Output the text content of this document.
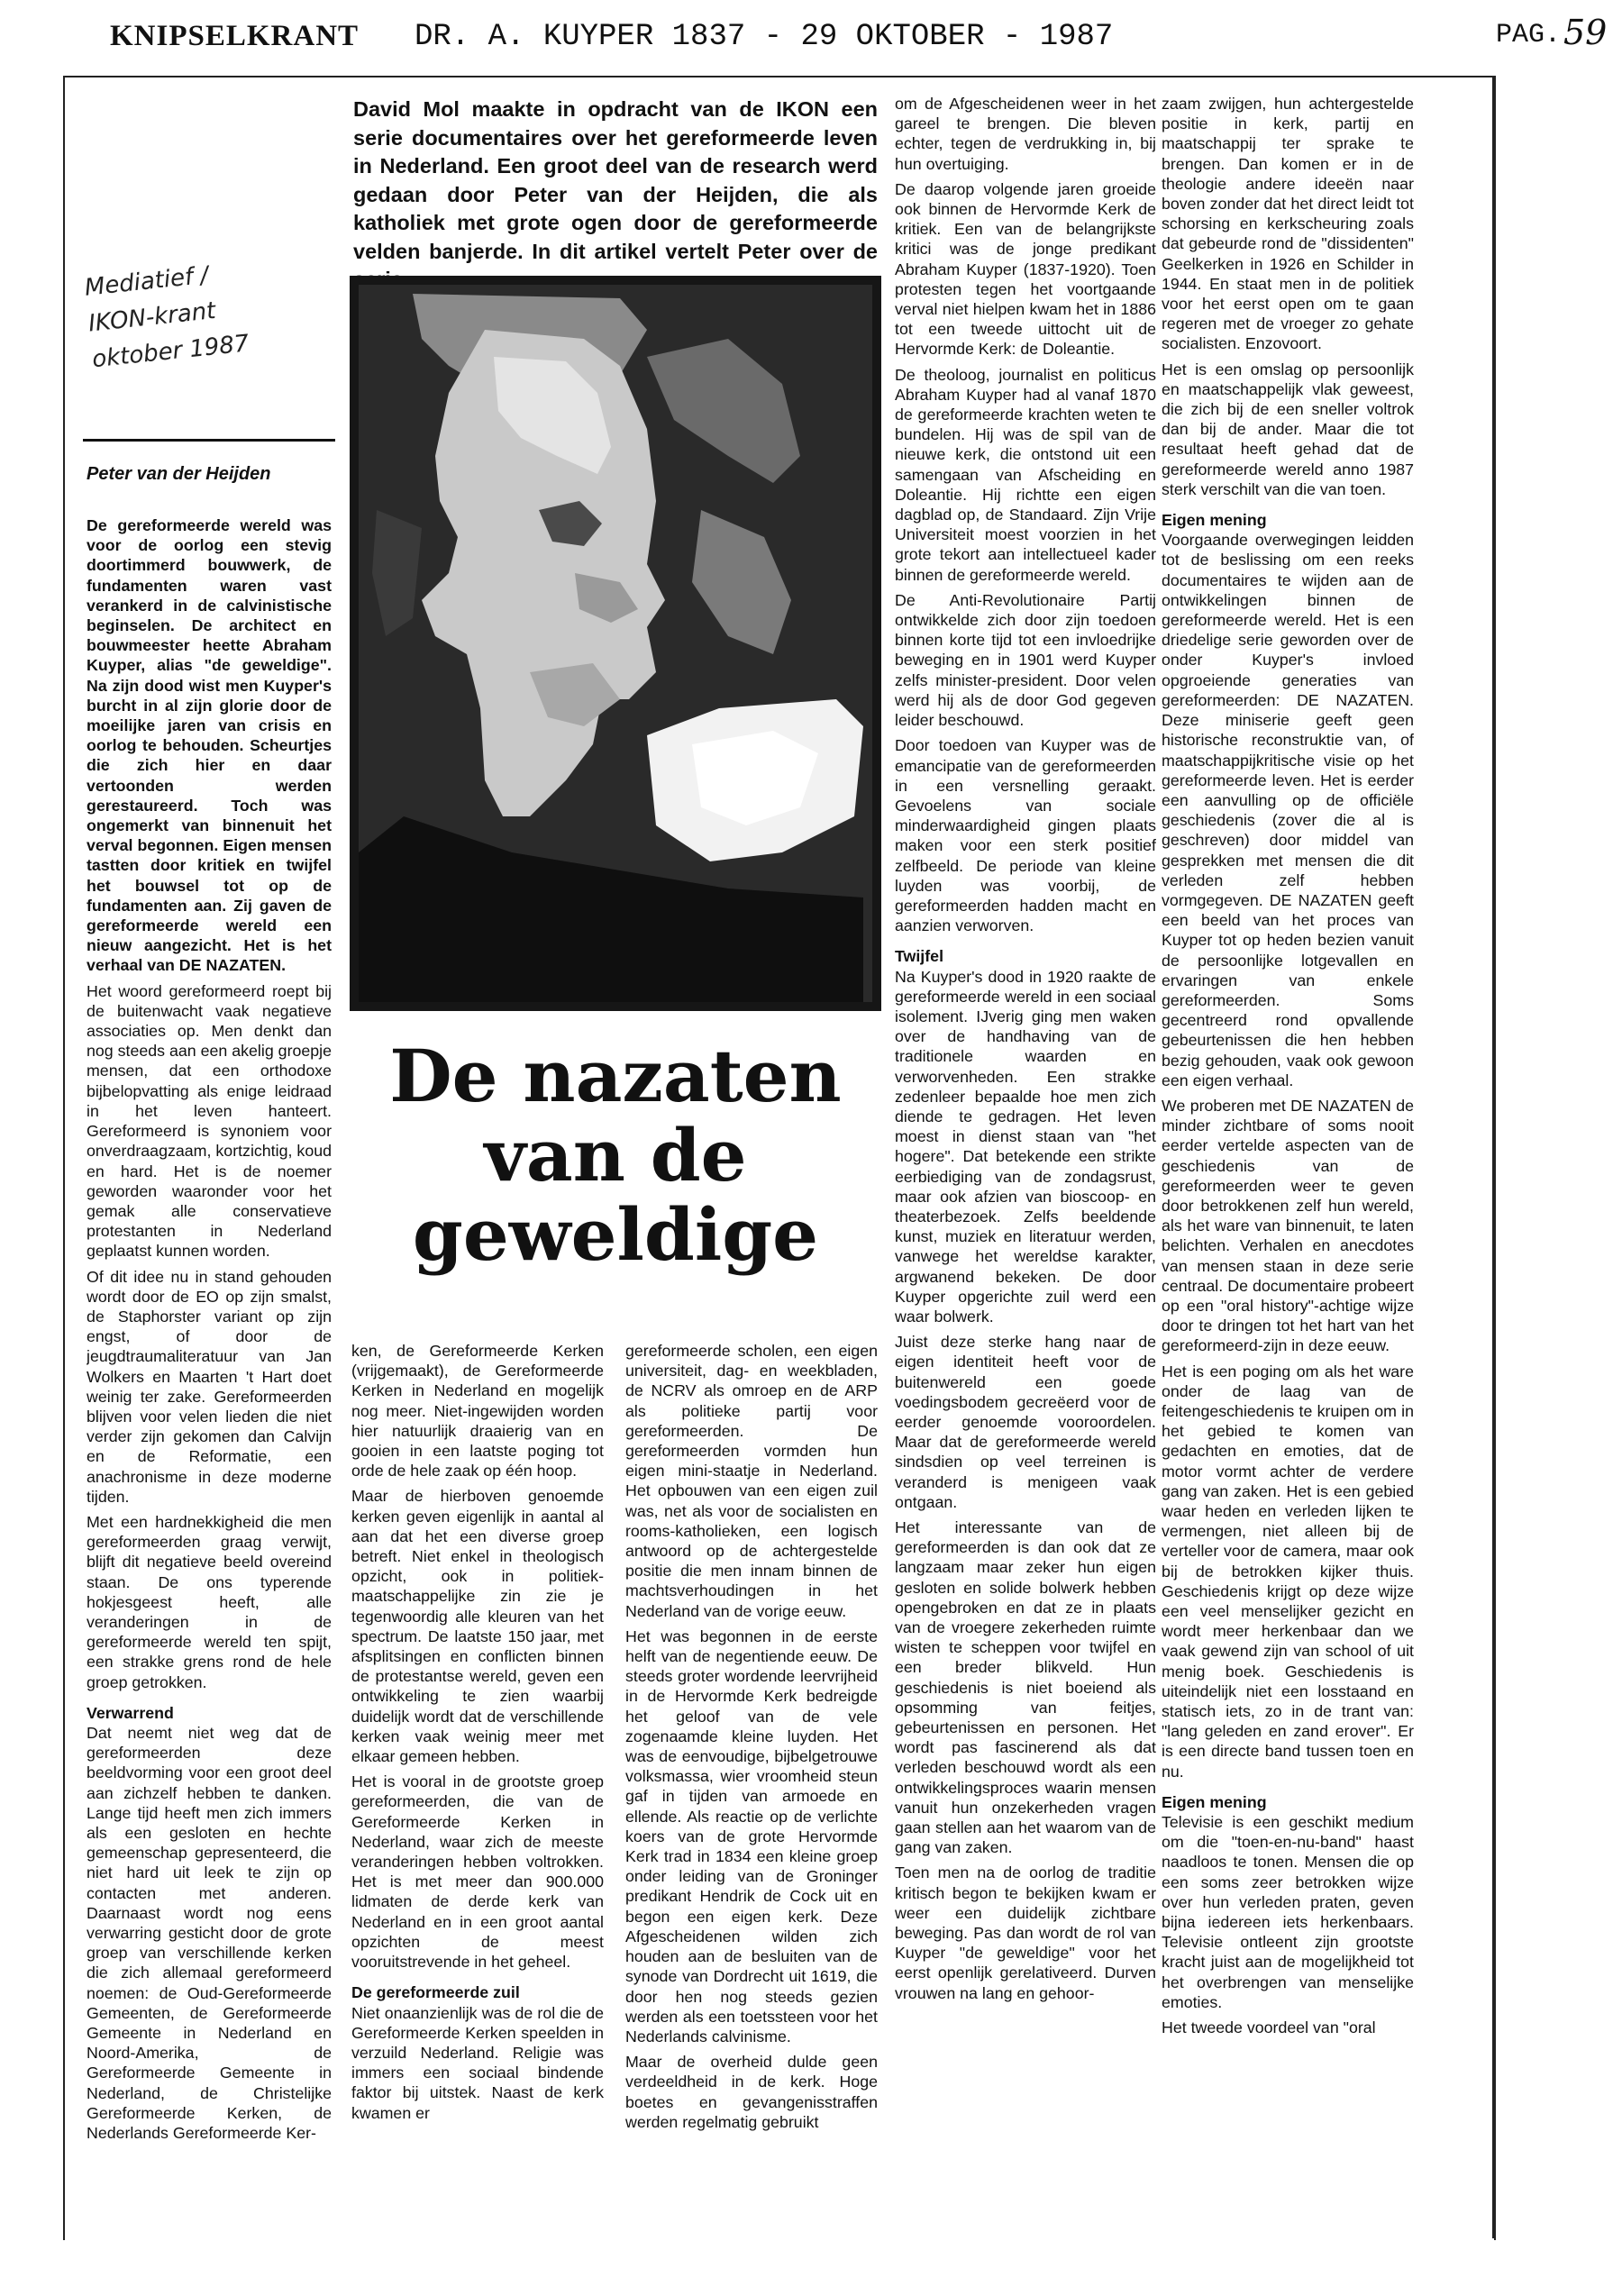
KNIPSELKRANT DR. A. KUYPER 1837 - 29 OKTOBER - 1987	PAG. 59

David Mol maakte in opdracht van de IKON een serie documentaires over het gereformeerde leven in Nederland. Een groot deel van de research werd gedaan door Peter van der Heijden, die als katholiek met grote ogen door de gereformeerde velden banjerde. In dit artikel vertelt Peter over de

Mediatief /
IKON-krant
oktober 1987
Peter van der Heijden
De nazaten
van de
geweldige

De gereformeerde wereld was voor de oorlog een stevig doortimmerd bouwwerk, de fundamenten waren vast verankerd in de calvinistische beginselen. De architect en bouwmeester heette Abraham Kuyper, alias "de geweldige". Na zijn dood wist men Kuyper's burcht in al zijn glorie door de moeilijke jaren van crisis en oorlog te behouden. Scheurtjes die zich hier en daar vertoonden werden gerestaureerd. Toch was ongemerkt van binnenuit het verval begonnen. Eigen mensen tastten door kritiek en twijfel het bouwsel tot op de fundamenten aan. Zij gaven de gereformeerde wereld een nieuw aangezicht. Het is het verhaal van DE NAZATEN.

Het woord gereformeerd roept bij de buitenwacht vaak negatieve associaties op. Men denkt dan nog steeds aan een akelig groepje mensen, dat een orthodoxe bijbelopvatting als enige leidraad in het leven hanteert. Gereformeerd is synoniem voor onverdraagzaam, kortzichtig, koud en hard. Het is de noemer geworden waaronder voor het gemak alle conservatieve protestanten in Nederland geplaatst kunnen worden.

Of dit idee nu in stand gehouden wordt door de EO op zijn smalst, de Staphorster variant op zijn engst, of door de jeugdtraumaliteratuur van Jan Wolkers en Maarten 't Hart doet weinig ter zake. Gereformeerden blijven voor velen lieden die niet verder zijn gekomen dan Calvijn en de Reformatie, een anachronisme in deze moderne tijden.

Met een hardnekkigheid die men gereformeerden graag verwijt, blijft dit negatieve beeld overeind staan. De ons typerende hokjesgeest heeft, alle veranderingen in de gereformeerde wereld ten spijt, een strakke grens rond de hele groep getrokken.

Verwarrend

Dat neemt niet weg dat de gereformeerden deze beeldvorming voor een groot deel aan zichzelf hebben te danken. Lange tijd heeft men zich immers als een gesloten en hechte gemeenschap gepresenteerd, die niet hard uit leek te zijn op contacten met anderen. Daarnaast wordt nog eens verwarring gesticht door de grote groep van verschillende kerken die zich allemaal gereformeerd noemen: de Oud-Gereformeerde Gemeenten, de Gereformeerde Gemeente in Nederland en Noord-Amerika, de Gereformeerde Gemeente in Nederland, de Christelijke Gereformeerde Kerken, de Nederlands Gereformeerde Ker-

ken, de Gereformeerde Kerken (vrijgemaakt), de Gereformeerde Kerken in Nederland en mogelijk nog meer. Niet-ingewijden worden hier natuurlijk draaierig van en gooien in een laatste poging tot orde de hele zaak op één hoop.

Maar de hierboven genoemde kerken geven eigenlijk in aantal al aan dat het een diverse groep betreft. Niet enkel in theologisch opzicht, ook in politiek-maatschappelijke zin zie je tegenwoordig alle kleuren van het spectrum. De laatste 150 jaar, met afsplitsingen en conflicten binnen de protestantse wereld, geven een ontwikkeling te zien waarbij duidelijk wordt dat de verschillende kerken vaak weinig meer met elkaar gemeen hebben.

Het is vooral in de grootste groep gereformeerden, die van de Gereformeerde Kerken in Nederland, waar zich de meeste veranderingen hebben voltrokken. Het is met meer dan 900.000 lidmaten de derde kerk van Nederland en in een groot aantal opzichten de meest vooruitstrevende in het geheel.

De gereformeerde zuil

Niet onaanzienlijk was de rol die de Gereformeerde Kerken speelden in verzuild Nederland. Religie was immers een sociaal bindende faktor bij uitstek. Naast de kerk kwamen er

gereformeerde scholen, een eigen universiteit, dag- en weekbladen, de NCRV als omroep en de ARP als politieke partij voor gereformeerden. De gereformeerden vormden hun eigen mini-staatje in Nederland. Het opbouwen van een eigen zuil was, net als voor de socialisten en rooms-katholieken, een logisch antwoord op de achtergestelde positie die men innam binnen de machtsverhoudingen in het Nederland van de vorige eeuw.

Het was begonnen in de eerste helft van de negentiende eeuw. De steeds groter wordende leervrijheid in de Hervormde Kerk bedreigde het geloof van de vele zogenaamde kleine luyden. Het was de eenvoudige, bijbelgetrouwe volksmassa, wier vroomheid steun gaf in tijden van armoede en ellende. Als reactie op de verlichte koers van de grote Hervormde Kerk trad in 1834 een kleine groep onder leiding van de Groninger predikant Hendrik de Cock uit en begon een eigen kerk. Deze Afgescheidenen wilden zich houden aan de besluiten van de synode van Dordrecht uit 1619, die door hen nog steeds gezien werden als een toetssteen voor het Nederlands calvinisme.

Maar de overheid dulde geen verdeeldheid in de kerk. Hoge boetes en gevangenisstraffen werden regelmatig gebruikt

om de Afgescheidenen weer in het gareel te brengen. Die bleven echter, tegen de verdrukking in, bij hun overtuiging.

De daarop volgende jaren groeide ook binnen de Hervormde Kerk de kritiek. Een van de belangrijkste kritici was de jonge predikant Abraham Kuyper (1837-1920). Toen protesten tegen het voortgaande verval niet hielpen kwam het in 1886 tot een tweede uittocht uit de Hervormde Kerk: de Doleantie.

De theoloog, journalist en politicus Abraham Kuyper had al vanaf 1870 de gereformeerde krachten weten te bundelen. Hij was de spil van de nieuwe kerk, die ontstond uit een samengaan van Afscheiding en Doleantie. Hij richtte een eigen dagblad op, de Standaard. Zijn Vrije Universiteit moest voorzien in het grote tekort aan intellectueel kader binnen de gereformeerde wereld.

De Anti-Revolutionaire Partij ontwikkelde zich door zijn toedoen binnen korte tijd tot een invloedrijke beweging en in 1901 werd Kuyper zelfs minister-president. Door velen werd hij als de door God gegeven leider beschouwd.

Door toedoen van Kuyper was de emancipatie van de gereformeerden in een versnelling geraakt. Gevoelens van sociale minderwaardigheid gingen plaats maken voor een sterk positief zelfbeeld. De periode van kleine luyden was voorbij, de gereformeerden hadden macht en aanzien verworven.

Twijfel

Na Kuyper's dood in 1920 raakte de gereformeerde wereld in een sociaal isolement. IJverig ging men waken over de handhaving van de traditionele waarden en verworvenheden. Een strakke zedenleer bepaalde hoe men zich diende te gedragen. Het leven moest in dienst staan van "het hogere". Dat betekende een strikte eerbiediging van de zondagsrust, maar ook afzien van bioscoop- en theaterbezoek. Zelfs beeldende kunst, muziek en literatuur werden, vanwege het wereldse karakter, argwanend bekeken. De door Kuyper opgerichte zuil werd een waar bolwerk.

Juist deze sterke hang naar de eigen identiteit heeft voor de buitenwereld een goede voedingsbodem gecreëerd voor de eerder genoemde vooroordelen. Maar dat de gereformeerde wereld sindsdien op veel terreinen is veranderd is menigeen vaak ontgaan.

Het interessante van de gereformeerden is dan ook dat ze langzaam maar zeker hun eigen gesloten en solide bolwerk hebben opengebroken en dat ze in plaats van de vroegere zekerheden ruimte wisten te scheppen voor twijfel en een breder blikveld. Hun geschiedenis is niet boeiend als opsomming van feitjes, gebeurtenissen en personen. Het wordt pas fascinerend als dat verleden beschouwd wordt als een ontwikkelingsproces waarin mensen vanuit hun onzekerheden vragen gaan stellen aan het waarom van de gang van zaken.

Toen men na de oorlog de traditie kritisch begon te bekijken kwam er weer een duidelijk zichtbare beweging. Pas dan wordt de rol van Kuyper "de geweldige" voor het eerst openlijk gerelativeerd. Durven vrouwen na lang en gehoor-

zaam zwijgen, hun achtergestelde positie in kerk, partij en maatschappij ter sprake te brengen. Dan komen er in de theologie andere ideeën naar boven zonder dat het direct leidt tot schorsing en kerkscheuring zoals dat gebeurde rond de "dissidenten" Geelkerken in 1926 en Schilder in 1944. En staat men in de politiek voor het eerst open om te gaan regeren met de vroeger zo gehate socialisten. Enzovoort.

Het is een omslag op persoonlijk en maatschappelijk vlak geweest, die zich bij de een sneller voltrok dan bij de ander. Maar die tot resultaat heeft gehad dat de gereformeerde wereld anno 1987 sterk verschilt van die van toen.

Eigen mening

Voorgaande overwegingen leidden tot de beslissing om een reeks documentaires te wijden aan de ontwikkelingen binnen de gereformeerde wereld. Het is een driedelige serie geworden over de onder Kuyper's invloed opgroeiende generaties van gereformeerden: DE NAZATEN. Deze miniserie geeft geen historische reconstruktie van, of maatschappijkritische visie op het gereformeerde leven. Het is eerder een aanvulling op de officiële geschiedenis (zover die al is geschreven) door middel van gesprekken met mensen die dit verleden zelf hebben vormgegeven. DE NAZATEN geeft een beeld van het proces van Kuyper tot op heden bezien vanuit de persoonlijke lotgevallen en ervaringen van enkele gereformeerden. Soms gecentreerd rond opvallende gebeurtenissen die hen hebben bezig gehouden, vaak ook gewoon een eigen verhaal.

We proberen met DE NAZATEN de minder zichtbare of soms nooit eerder vertelde aspecten van de geschiedenis van de gereformeerden weer te geven door betrokkenen zelf hun wereld, als het ware van binnenuit, te laten belichten. Verhalen en anecdotes van mensen staan in deze serie centraal. De documentaire probeert op een "oral history"-achtige wijze door te dringen tot het hart van het gereformeerd-zijn in deze eeuw.

Het is een poging om als het ware onder de laag van de feitengeschiedenis te kruipen om in het gebied te komen van gedachten en emoties, dat de motor vormt achter de verdere gang van zaken. Het is een gebied waar heden en verleden lijken te vermengen, niet alleen bij de verteller voor de camera, maar ook bij de betrokken kijker thuis. Geschiedenis krijgt op deze wijze een veel menselijker gezicht en wordt meer herkenbaar dan we vaak gewend zijn van school of uit menig boek. Geschiedenis is uiteindelijk niet een losstaand en statisch iets, zo in de trant van: "lang geleden en zand erover". Er is een directe band tussen toen en nu.

Eigen mening

Televisie is een geschikt medium om die "toen-en-nu-band" haast naadloos te tonen. Mensen die op een soms zeer betrokken wijze over hun verleden praten, geven bijna iedereen iets herkenbaars. Televisie ontleent zijn grootste kracht juist aan de mogelijkheid tot het overbrengen van menselijke emoties.

Het tweede voordeel van "oral
